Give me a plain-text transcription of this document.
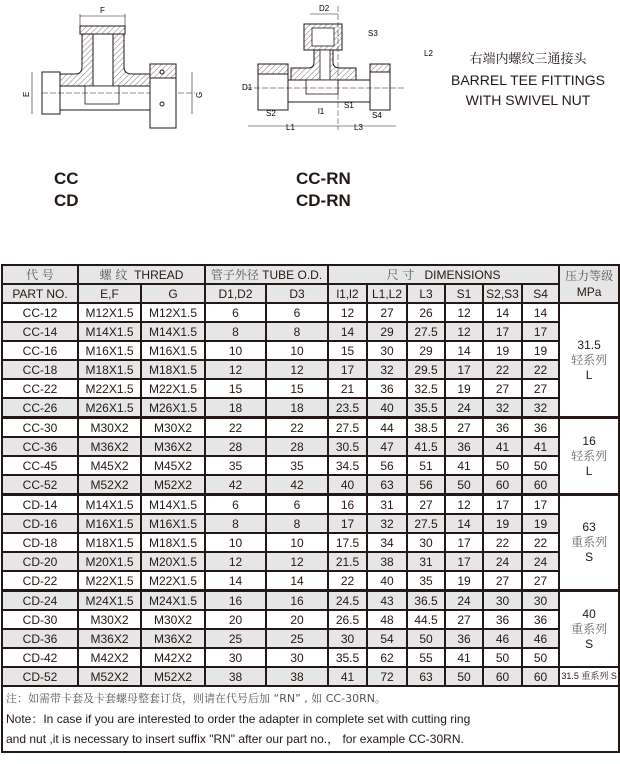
F
E	G
D2
S3
L2
D1
S2	l1
S1
S4
L1	L3
右端内螺纹三通接头
BARREL TEE FITTINGS
WITH SWIVEL NUT
CC
CD
CC-RN
CD-RN
代 号	螺 纹 THREAD		管子外径 TUBE O.D.		尺 寸 DIMENSIONS						压力等级
MPa

PART NO.	E,F	G	D1,D2	D3	l1,l2	L1,L2	L3	S1	S2,S3	S4	
CC-12	M12X1.5	M12X1.5	6	6	12	27	26	12	14	14	31.5
轻系列
L

CC-14	M14X1.5	M14X1.5	8	8	14	29	27.5	12	17	17	
CC-16	M16X1.5	M16X1.5	10	10	15	30	29	14	19	19	
CC-18	M18X1.5	M18X1.5	12	12	17	32	29.5	17	22	22	
CC-22	M22X1.5	M22X1.5	15	15	21	36	32.5	19	27	27	
CC-26	M26X1.5	M26X1.5	18	18	23.5	40	35.5	24	32	32	
CC-30	M30X2	M30X2	22	22	27.5	44	38.5	27	36	36	16
轻系列
L

CC-36	M36X2	M36X2	28	28	30.5	47	41.5	36	41	41	
CC-45	M45X2	M45X2	35	35	34.5	56	51	41	50	50	
CC-52	M52X2	M52X2	42	42	40	63	56	50	60	60	
CD-14	M14X1.5	M14X1.5	6	6	16	31	27	12	17	17	63
重系列
S

CD-16	M16X1.5	M16X1.5	8	8	17	32	27.5	14	19	19	
CD-18	M18X1.5	M18X1.5	10	10	17.5	34	30	17	22	22	
CD-20	M20X1.5	M20X1.5	12	12	21.5	38	31	17	24	24	
CD-22	M22X1.5	M22X1.5	14	14	22	40	35	19	27	27	
CD-24	M24X1.5	M24X1.5	16	16	24.5	43	36.5	24	30	30	40
重系列
S

CD-30	M30X2	M30X2	20	20	26.5	48	44.5	27	36	36	
CD-36	M36X2	M36X2	25	25	30	54	50	36	46	46	
CD-42	M42X2	M42X2	30	30	35.5	62	55	41	50	50	
CD-52	M52X2	M52X2	38	38	41	72	63	50	60	60	31.5 重系列 S

注：如需带卡套及卡套螺母整套订货，则请在代号后加 “RN” , 如 CC-30RN。
Note：In case if you are interested to order the adapter in complete set with cutting ring
and nut ,it is necessary to insert suffix "RN" after our part no.， for example CC-30RN.											
